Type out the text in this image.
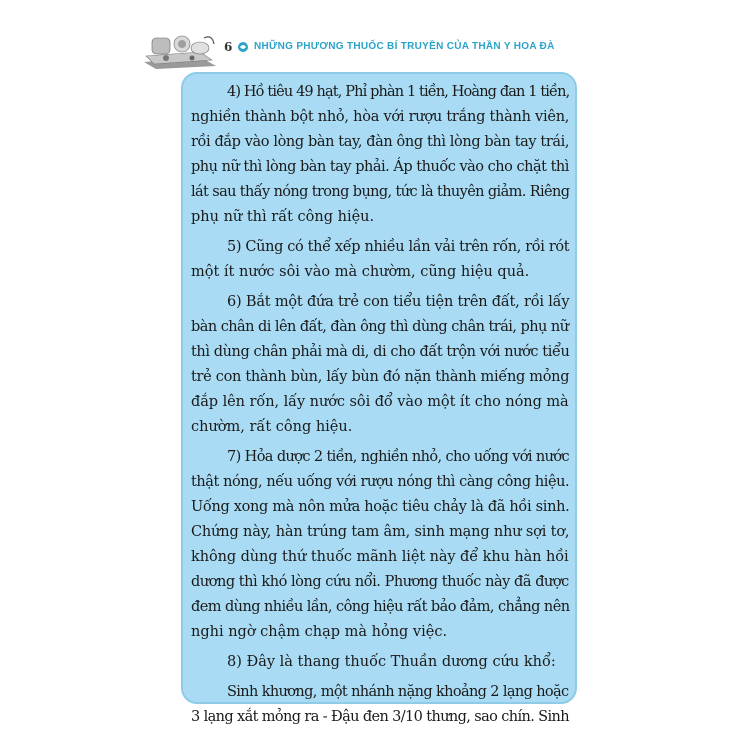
6 NHỮNG PHƯƠNG THUỐC BÍ TRUYỀN CỦA THẦN Y HOA ĐÀ

4) Hồ tiêu 49 hạt, Phỉ phàn 1 tiền, Hoàng đan 1 tiền,
nghiền thành bột nhỏ, hòa với rượu trắng thành viên,
rồi đắp vào lòng bàn tay, đàn ông thì lòng bàn tay trái,
phụ nữ thì lòng bàn tay phải. Áp thuốc vào cho chặt thì
lát sau thấy nóng trong bụng, tức là thuyên giảm. Riêng
phụ nữ thì rất công hiệu.

5) Cũng có thể xếp nhiều lần vải trên rốn, rồi rót
một ít nước sôi vào mà chườm, cũng hiệu quả.

6) Bắt một đứa trẻ con tiểu tiện trên đất, rồi lấy
bàn chân di lên đất, đàn ông thì dùng chân trái, phụ nữ
thì dùng chân phải mà di, di cho đất trộn với nước tiểu
trẻ con thành bùn, lấy bùn đó nặn thành miếng mỏng
đắp lên rốn, lấy nước sôi đổ vào một ít cho nóng mà
chườm, rất công hiệu.

7) Hỏa dược 2 tiền, nghiền nhỏ, cho uống với nước
thật nóng, nếu uống với rượu nóng thì càng công hiệu.
Uống xong mà nôn mửa hoặc tiêu chảy là đã hồi sinh.
Chứng này, hàn trúng tam âm, sinh mạng như sợi tơ,
không dùng thứ thuốc mãnh liệt này để khu hàn hồi
dương thì khó lòng cứu nổi. Phương thuốc này đã được
đem dùng nhiều lần, công hiệu rất bảo đảm, chẳng nên
nghi ngờ chậm chạp mà hỏng việc.

8) Đây là thang thuốc Thuần dương cứu khổ:

Sinh khương, một nhánh nặng khoảng 2 lạng hoặc
3 lạng xắt mỏng ra - Đậu đen 3/10 thưng, sao chín. Sinh
